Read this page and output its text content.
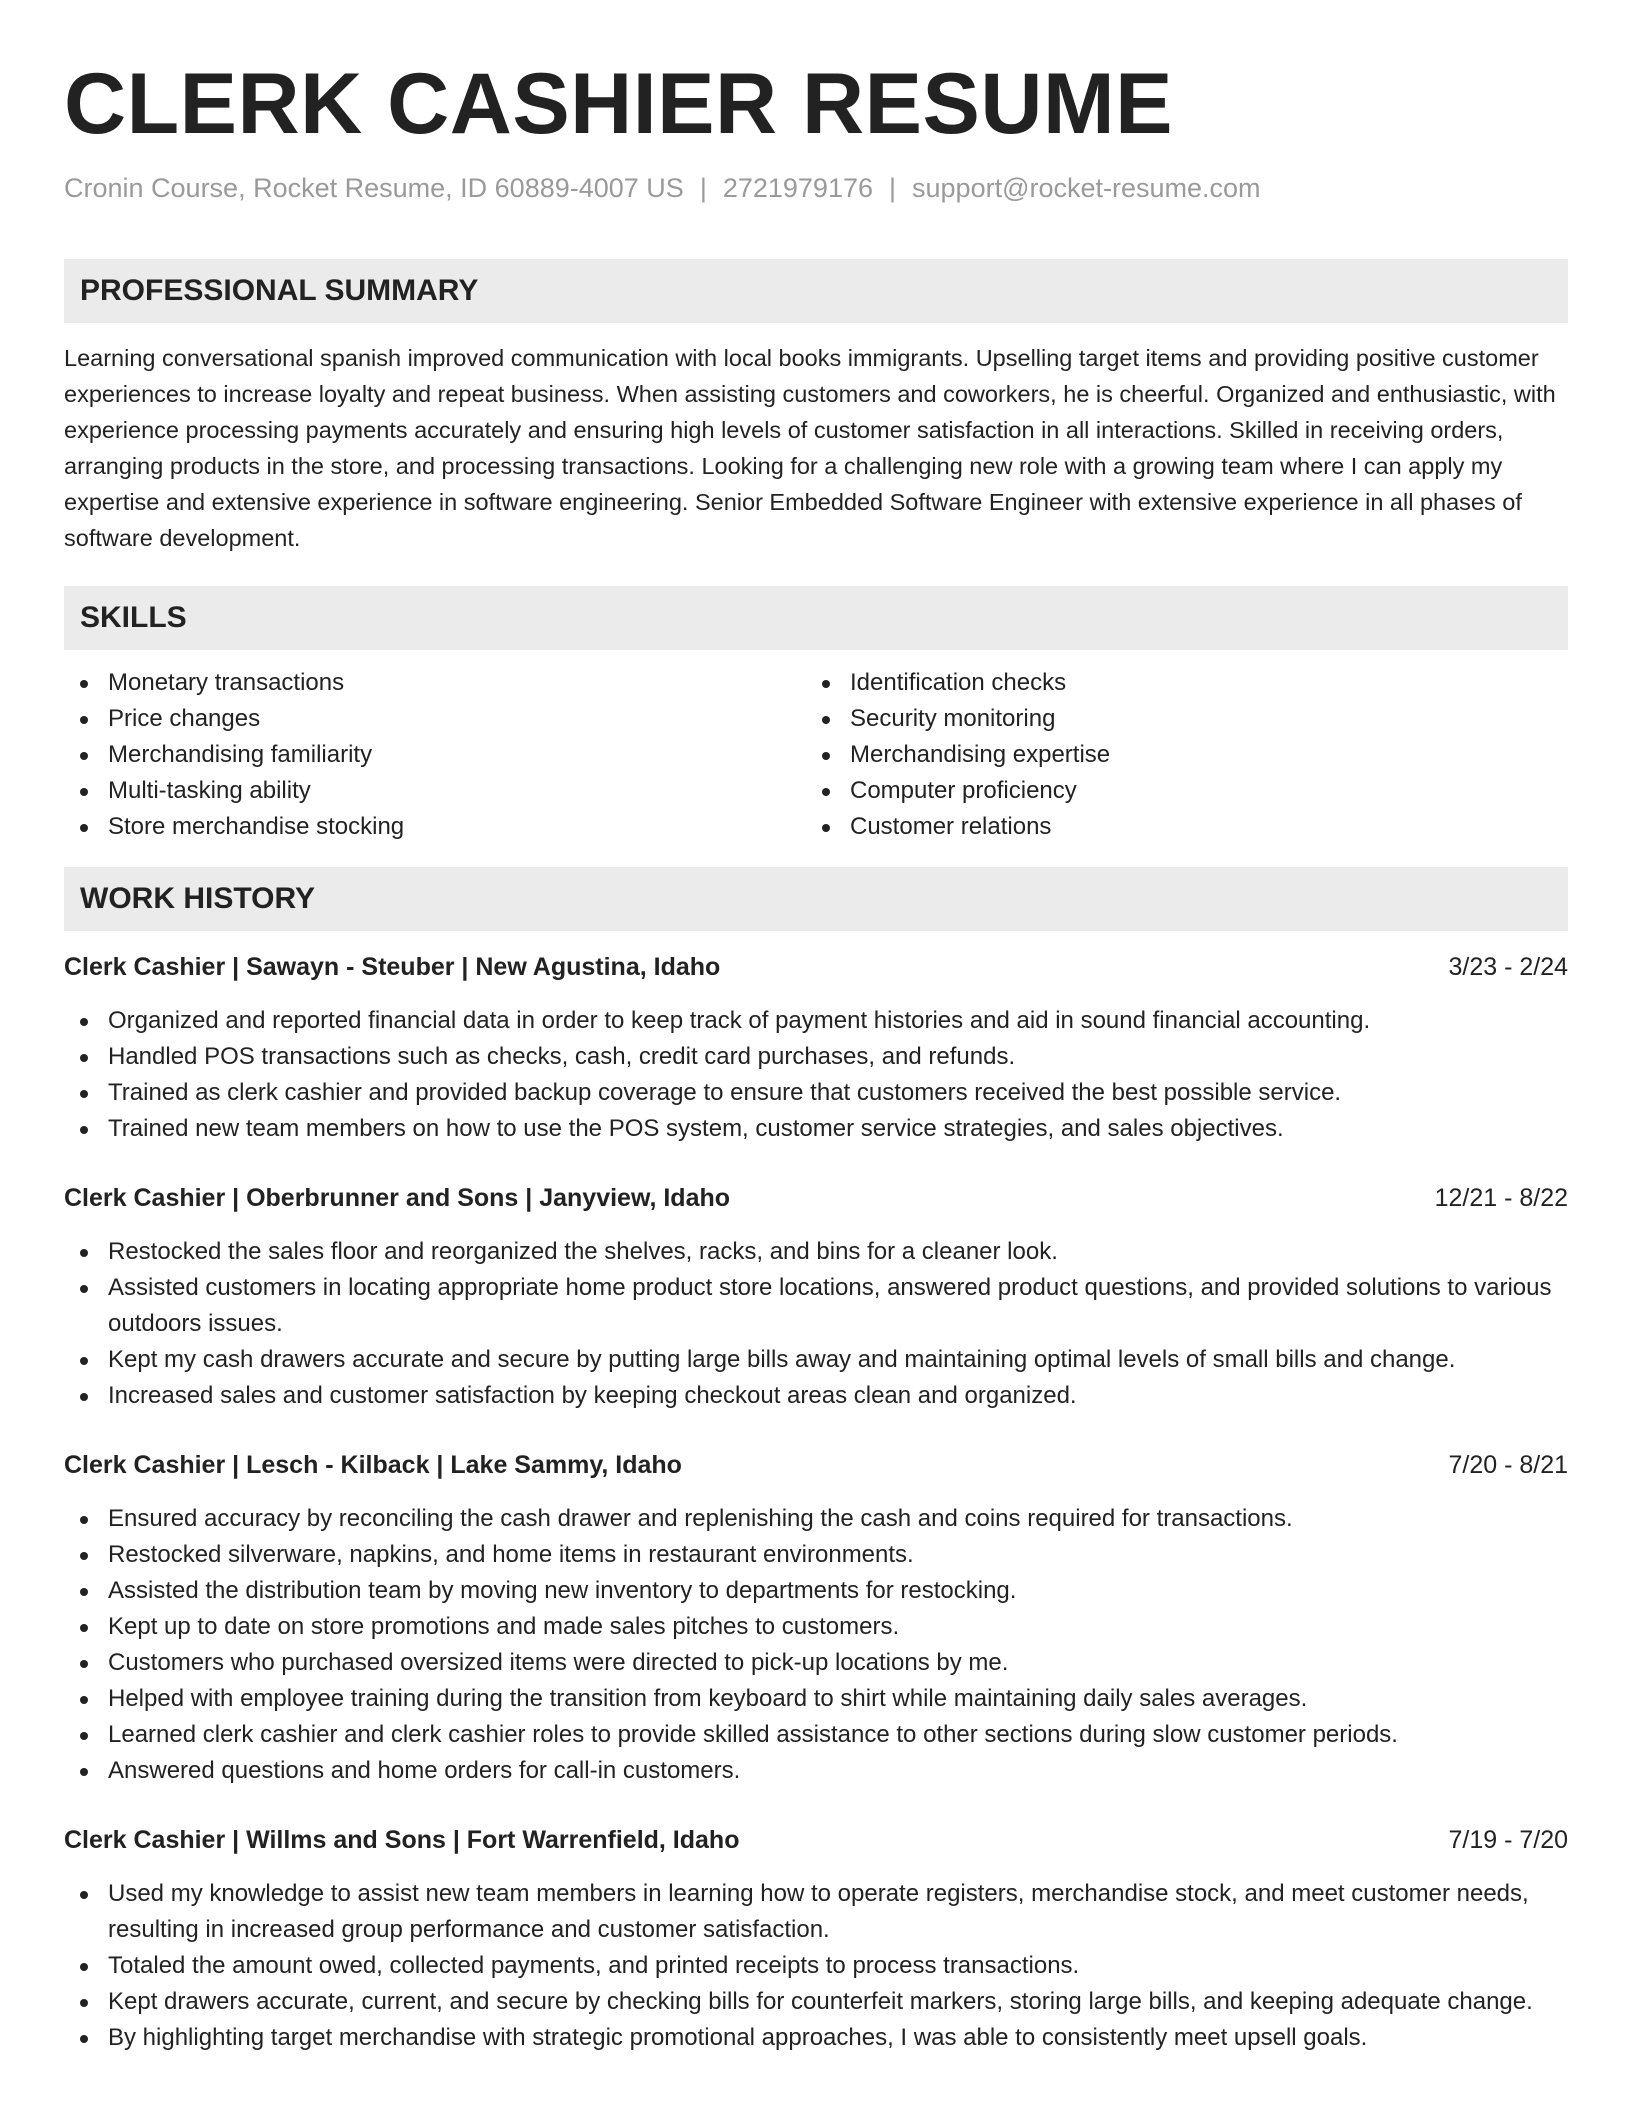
CLERK CASHIER RESUME
Cronin Course, Rocket Resume, ID 60889-4007 US | 2721979176 | support@rocket-resume.com
PROFESSIONAL SUMMARY
Learning conversational spanish improved communication with local books immigrants. Upselling target items and providing positive customer experiences to increase loyalty and repeat business. When assisting customers and coworkers, he is cheerful. Organized and enthusiastic, with experience processing payments accurately and ensuring high levels of customer satisfaction in all interactions. Skilled in receiving orders, arranging products in the store, and processing transactions. Looking for a challenging new role with a growing team where I can apply my expertise and extensive experience in software engineering. Senior Embedded Software Engineer with extensive experience in all phases of software development.
SKILLS
Monetary transactions
Price changes
Merchandising familiarity
Multi-tasking ability
Store merchandise stocking
Identification checks
Security monitoring
Merchandising expertise
Computer proficiency
Customer relations
WORK HISTORY
Clerk Cashier | Sawayn - Steuber | New Agustina, Idaho	3/23 - 2/24
Organized and reported financial data in order to keep track of payment histories and aid in sound financial accounting.
Handled POS transactions such as checks, cash, credit card purchases, and refunds.
Trained as clerk cashier and provided backup coverage to ensure that customers received the best possible service.
Trained new team members on how to use the POS system, customer service strategies, and sales objectives.
Clerk Cashier | Oberbrunner and Sons | Janyview, Idaho	12/21 - 8/22
Restocked the sales floor and reorganized the shelves, racks, and bins for a cleaner look.
Assisted customers in locating appropriate home product store locations, answered product questions, and provided solutions to various outdoors issues.
Kept my cash drawers accurate and secure by putting large bills away and maintaining optimal levels of small bills and change.
Increased sales and customer satisfaction by keeping checkout areas clean and organized.
Clerk Cashier | Lesch - Kilback | Lake Sammy, Idaho	7/20 - 8/21
Ensured accuracy by reconciling the cash drawer and replenishing the cash and coins required for transactions.
Restocked silverware, napkins, and home items in restaurant environments.
Assisted the distribution team by moving new inventory to departments for restocking.
Kept up to date on store promotions and made sales pitches to customers.
Customers who purchased oversized items were directed to pick-up locations by me.
Helped with employee training during the transition from keyboard to shirt while maintaining daily sales averages.
Learned clerk cashier and clerk cashier roles to provide skilled assistance to other sections during slow customer periods.
Answered questions and home orders for call-in customers.
Clerk Cashier | Willms and Sons | Fort Warrenfield, Idaho	7/19 - 7/20
Used my knowledge to assist new team members in learning how to operate registers, merchandise stock, and meet customer needs, resulting in increased group performance and customer satisfaction.
Totaled the amount owed, collected payments, and printed receipts to process transactions.
Kept drawers accurate, current, and secure by checking bills for counterfeit markers, storing large bills, and keeping adequate change.
By highlighting target merchandise with strategic promotional approaches, I was able to consistently meet upsell goals.
